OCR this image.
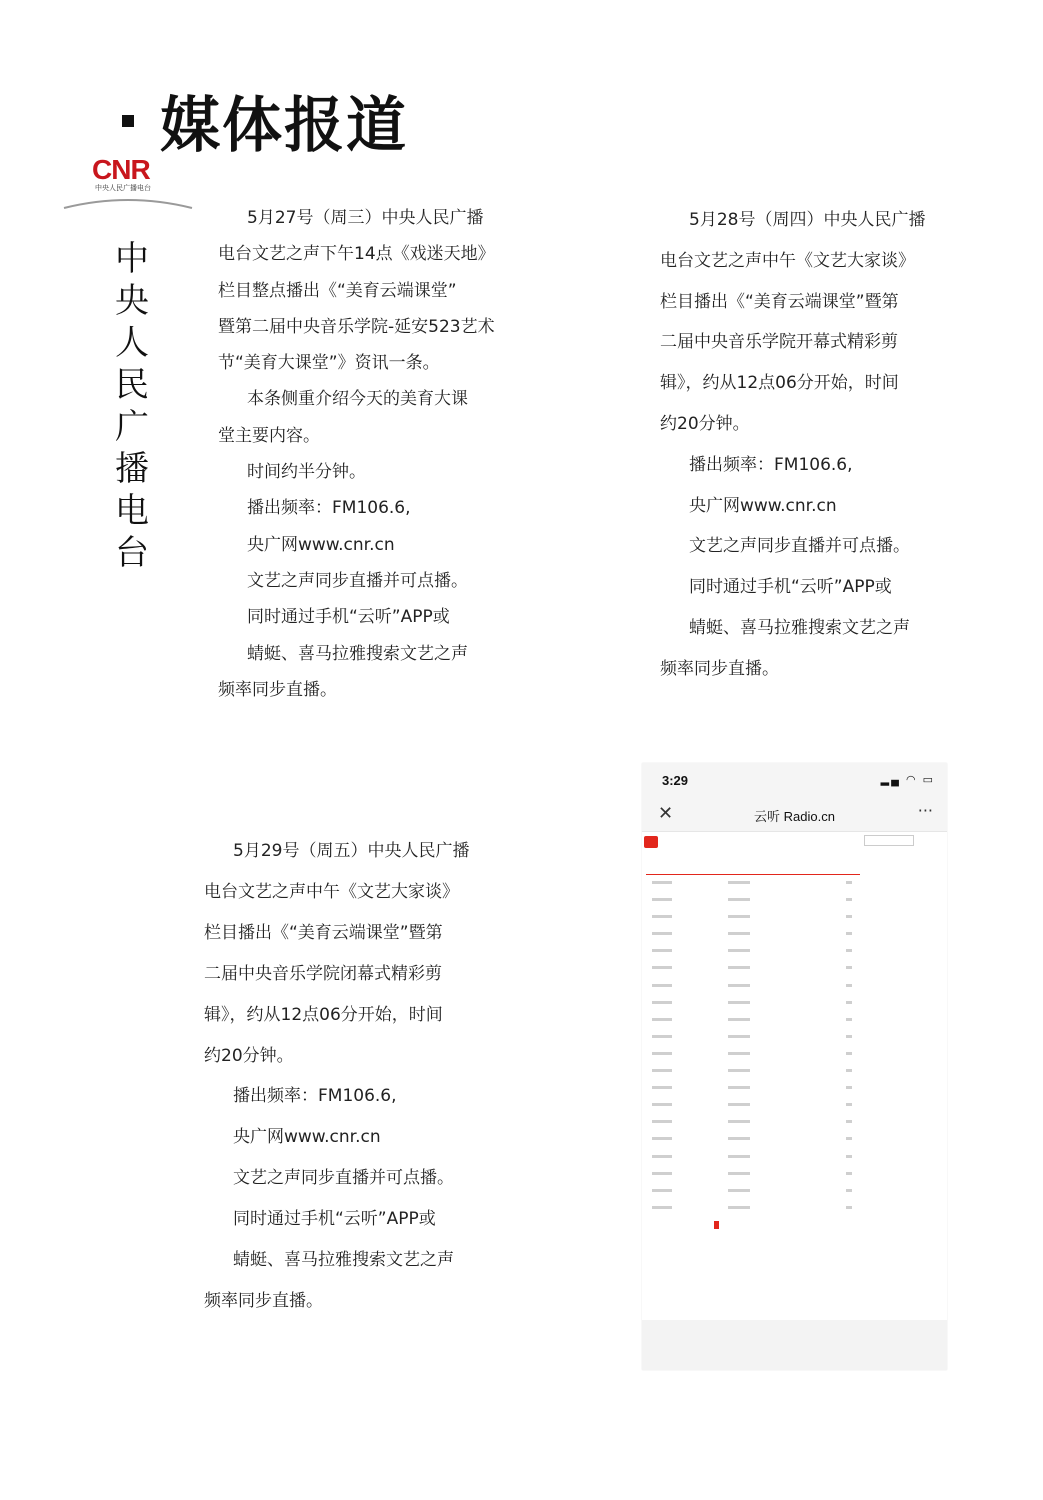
媒体报道
CNR
中央人民广播电台
中
央
人
民
广
播
电
台

5月27号（周三）中央人民广播

电台文艺之声下午14点《戏迷天地》

栏目整点播出《“美育云端课堂”

暨第二届中央音乐学院-延安523艺术

节“美育大课堂”》资讯一条。

本条侧重介绍今天的美育大课

堂主要内容。

时间约半分钟。

播出频率：FM106.6,

央广网www.cnr.cn

文艺之声同步直播并可点播。

同时通过手机“云听”APP或

蜻蜓、喜马拉雅搜索文艺之声

频率同步直播。

5月28号（周四）中央人民广播

电台文艺之声中午《文艺大家谈》

栏目播出《“美育云端课堂”暨第

二届中央音乐学院开幕式精彩剪

辑》，约从12点06分开始，时间

约20分钟。

播出频率：FM106.6,

央广网www.cnr.cn

文艺之声同步直播并可点播。

同时通过手机“云听”APP或

蜻蜓、喜马拉雅搜索文艺之声

频率同步直播。

5月29号（周五）中央人民广播

电台文艺之声中午《文艺大家谈》

栏目播出《“美育云端课堂”暨第

二届中央音乐学院闭幕式精彩剪

辑》，约从12点06分开始，时间

约20分钟。

播出频率：FM106.6,

央广网www.cnr.cn

文艺之声同步直播并可点播。

同时通过手机“云听”APP或

蜻蜓、喜马拉雅搜索文艺之声

频率同步直播。

3:29	▂▄ ◠ ▭
✕	云听 Radio.cn	···
